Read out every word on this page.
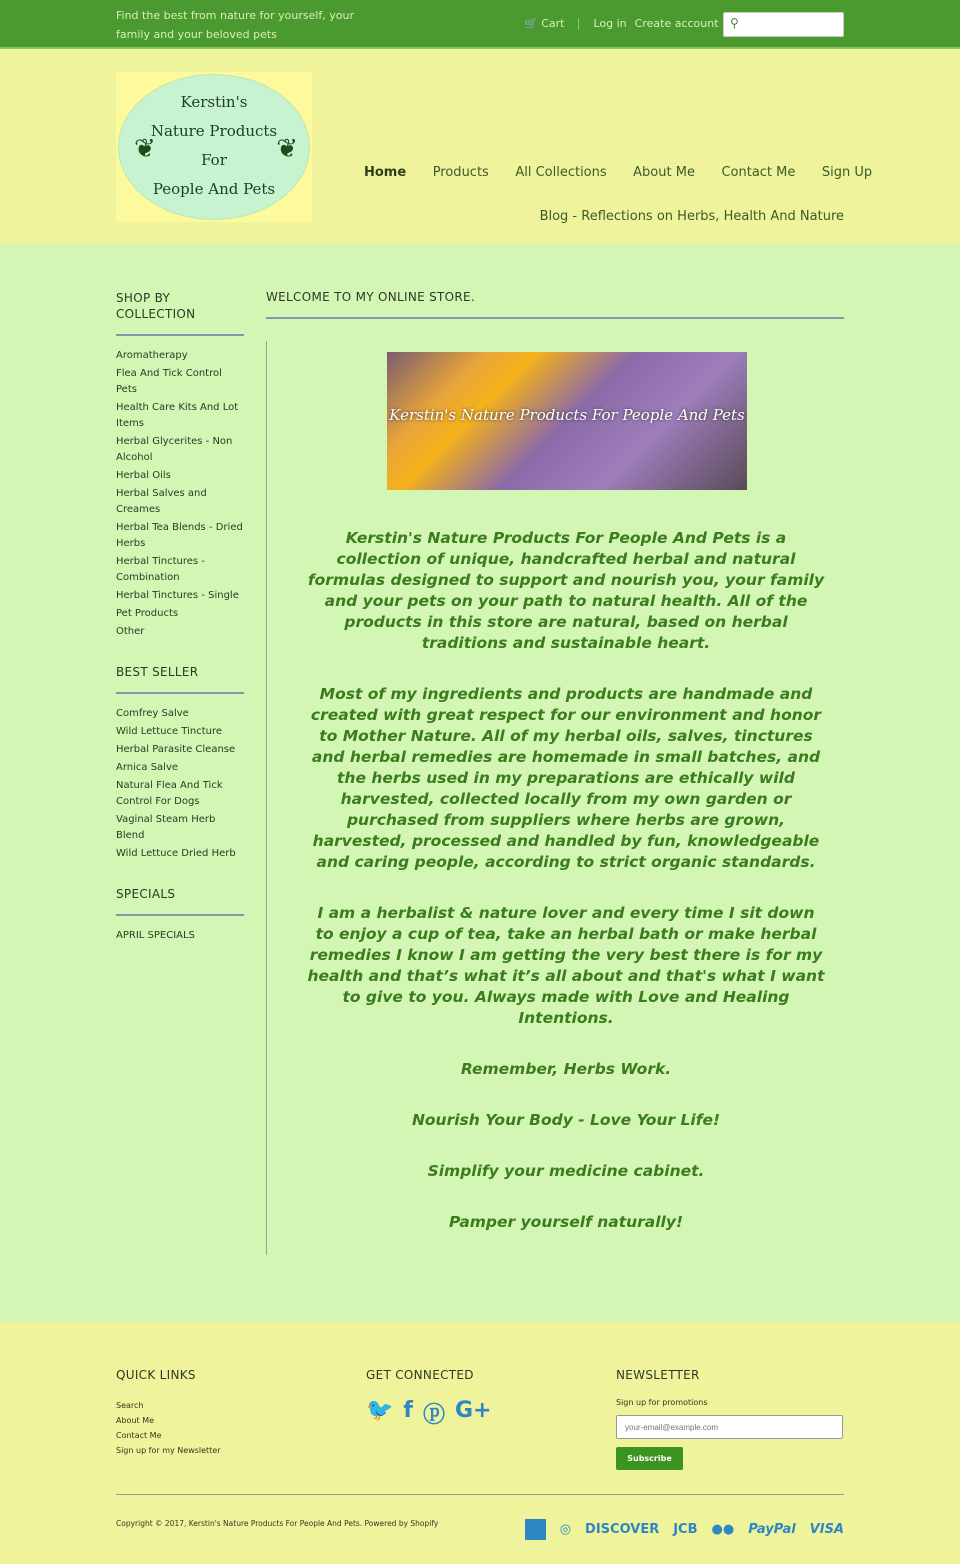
Find the best from nature for yourself, your family and your beloved pets
🛒 Cart	Log in Create account ⚲
Kerstin's
Nature Products
For
People And Pets
❦	❦
Home Products All Collections About Me Contact Me Sign Up
Blog - Reflections on Herbs, Health And Nature
SHOP BY COLLECTION
Aromatherapy
Flea And Tick Control Pets
Health Care Kits And Lot Items
Herbal Glycerites - Non Alcohol
Herbal Oils
Herbal Salves and Creames
Herbal Tea Blends - Dried Herbs
Herbal Tinctures - Combination
Herbal Tinctures - Single
Pet Products
Other
BEST SELLER
Comfrey Salve
Wild Lettuce Tincture
Herbal Parasite Cleanse
Arnica Salve
Natural Flea And Tick Control For Dogs
Vaginal Steam Herb Blend
Wild Lettuce Dried Herb
SPECIALS
APRIL SPECIALS
WELCOME TO MY ONLINE STORE.
Kerstin's Nature Products For People And Pets

Kerstin's Nature Products For People And Pets is a collection of unique, handcrafted herbal and natural formulas designed to support and nourish you, your family and your pets on your path to natural health. All of the products in this store are natural, based on herbal traditions and sustainable heart.

Most of my ingredients and products are handmade and created with great respect for our environment and honor to Mother Nature. All of my herbal oils, salves, tinctures and herbal remedies are homemade in small batches, and the herbs used in my preparations are ethically wild harvested, collected locally from my own garden or purchased from suppliers where herbs are grown, harvested, processed and handled by fun, knowledgeable and caring people, according to strict organic standards.

I am a herbalist & nature lover and every time I sit down to enjoy a cup of tea, take an herbal bath or make herbal remedies I know I am getting the very best there is for my health and that’s what it’s all about and that's what I want to give to you. Always made with Love and Healing Intentions.

Remember, Herbs Work.

Nourish Your Body - Love Your Life!

Simplify your medicine cabinet.

Pamper yourself naturally!

QUICK LINKS
Search
About Me
Contact Me
Sign up for my Newsletter
GET CONNECTED
🐦 f ⓟ G+
NEWSLETTER
Sign up for promotions
your-email@example.com Subscribe
Copyright © 2017, Kerstin's Nature Products For People And Pets. Powered by Shopify	◎ DISCOVER JCB ●● PayPal VISA
